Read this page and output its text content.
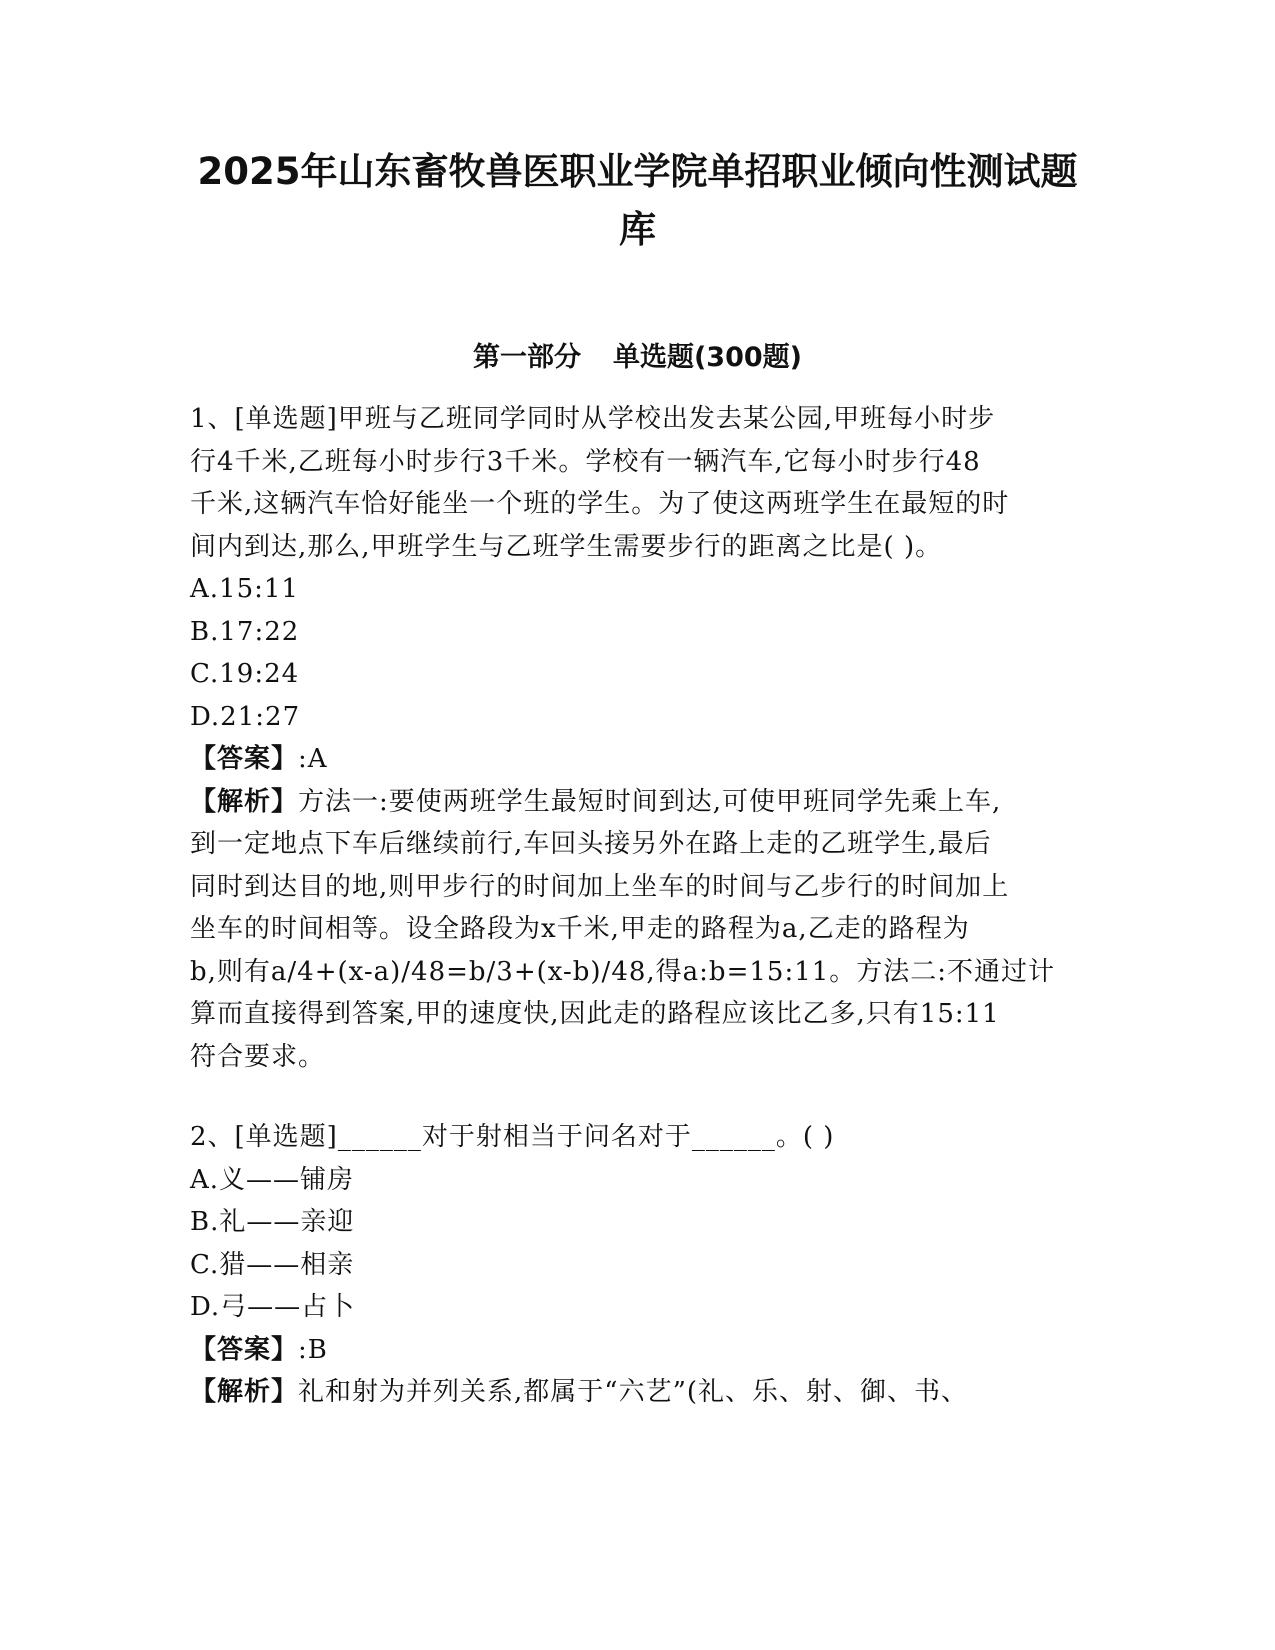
2025年山东畜牧兽医职业学院单招职业倾向性测试题
库
第一部分 单选题(300题)
1、[单选题]甲班与乙班同学同时从学校出发去某公园,甲班每小时步
行4千米,乙班每小时步行3千米。学校有一辆汽车,它每小时步行48
千米,这辆汽车恰好能坐一个班的学生。为了使这两班学生在最短的时
间内到达,那么,甲班学生与乙班学生需要步行的距离之比是( )。
A.15:11
B.17:22
C.19:24
D.21:27
【答案】:A
【解析】方法一:要使两班学生最短时间到达,可使甲班同学先乘上车,
到一定地点下车后继续前行,车回头接另外在路上走的乙班学生,最后
同时到达目的地,则甲步行的时间加上坐车的时间与乙步行的时间加上
坐车的时间相等。设全路段为x千米,甲走的路程为a,乙走的路程为
b,则有a/4+(x-a)/48=b/3+(x-b)/48,得a:b=15:11。方法二:不通过计
算而直接得到答案,甲的速度快,因此走的路程应该比乙多,只有15:11
符合要求。
2、[单选题]______对于射相当于问名对于______。( )
A.义——铺房
B.礼——亲迎
C.猎——相亲
D.弓——占卜
【答案】:B
【解析】礼和射为并列关系,都属于“六艺”(礼、乐、射、御、书、
